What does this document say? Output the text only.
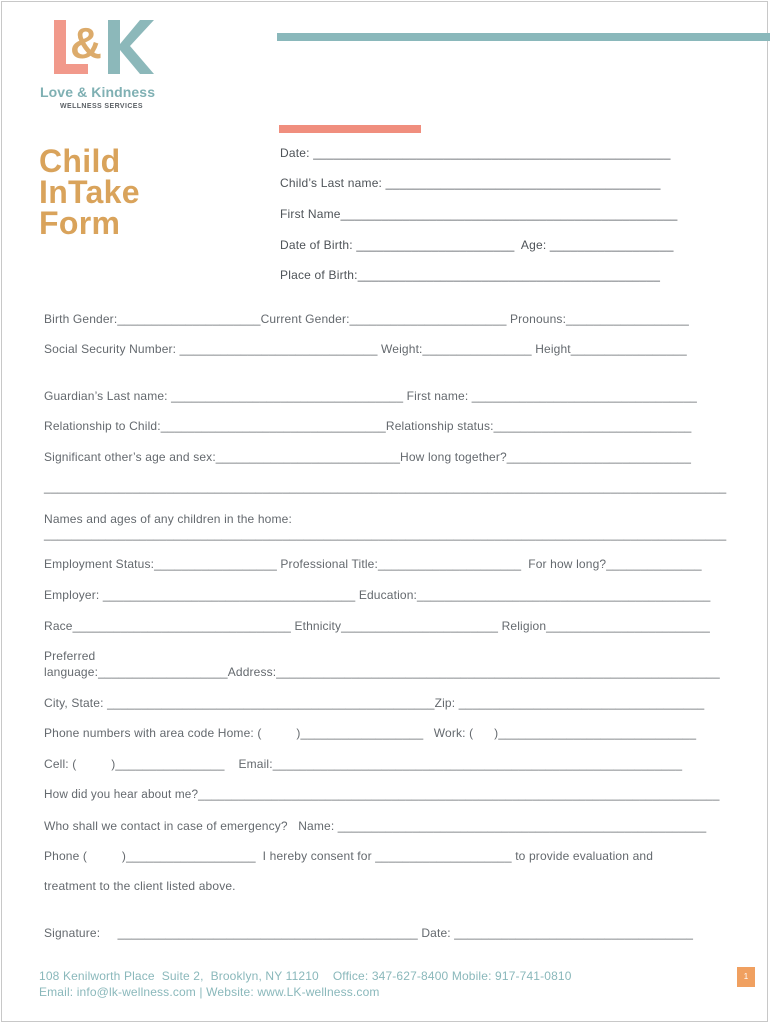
&
Love & Kindness
WELLNESS SERVICES
Child
InTake
Form
Date: ____________________________________________________
Child’s Last name: ________________________________________
First Name_________________________________________________
Date of Birth: _______________________  Age: __________________
Place of Birth:____________________________________________
Birth Gender:_____________________Current Gender:_______________________ Pronouns:__________________
Social Security Number: _____________________________ Weight:________________ Height_________________
Guardian’s Last name: __________________________________ First name: _________________________________
Relationship to Child:_________________________________Relationship status:_____________________________
Significant other’s age and sex:___________________________How long together?___________________________
____________________________________________________________________________________________________
Names and ages of any children in the home:
____________________________________________________________________________________________________
Employment Status:__________________ Professional Title:_____________________  For how long?______________
Employer: _____________________________________ Education:___________________________________________
Race________________________________ Ethnicity_______________________ Religion________________________
Preferred
language:___________________Address:_________________________________________________________________
City, State: ________________________________________________Zip: ____________________________________
Phone numbers with area code Home: (          )__________________   Work: (      )_____________________________
Cell: (          )________________    Email:____________________________________________________________
How did you hear about me?______________________________________________________________________________
Who shall we contact in case of emergency?   Name: ______________________________________________________
Phone (          )___________________  I hereby consent for ____________________ to provide evaluation and
treatment to the client listed above.
Signature:     ____________________________________________ Date: ___________________________________
108 Kenilworth Place  Suite 2,  Brooklyn, NY 11210    Office: 347-627-8400 Mobile: 917-741-0810
Email: info@lk-wellness.com | Website: www.LK-wellness.com
1
